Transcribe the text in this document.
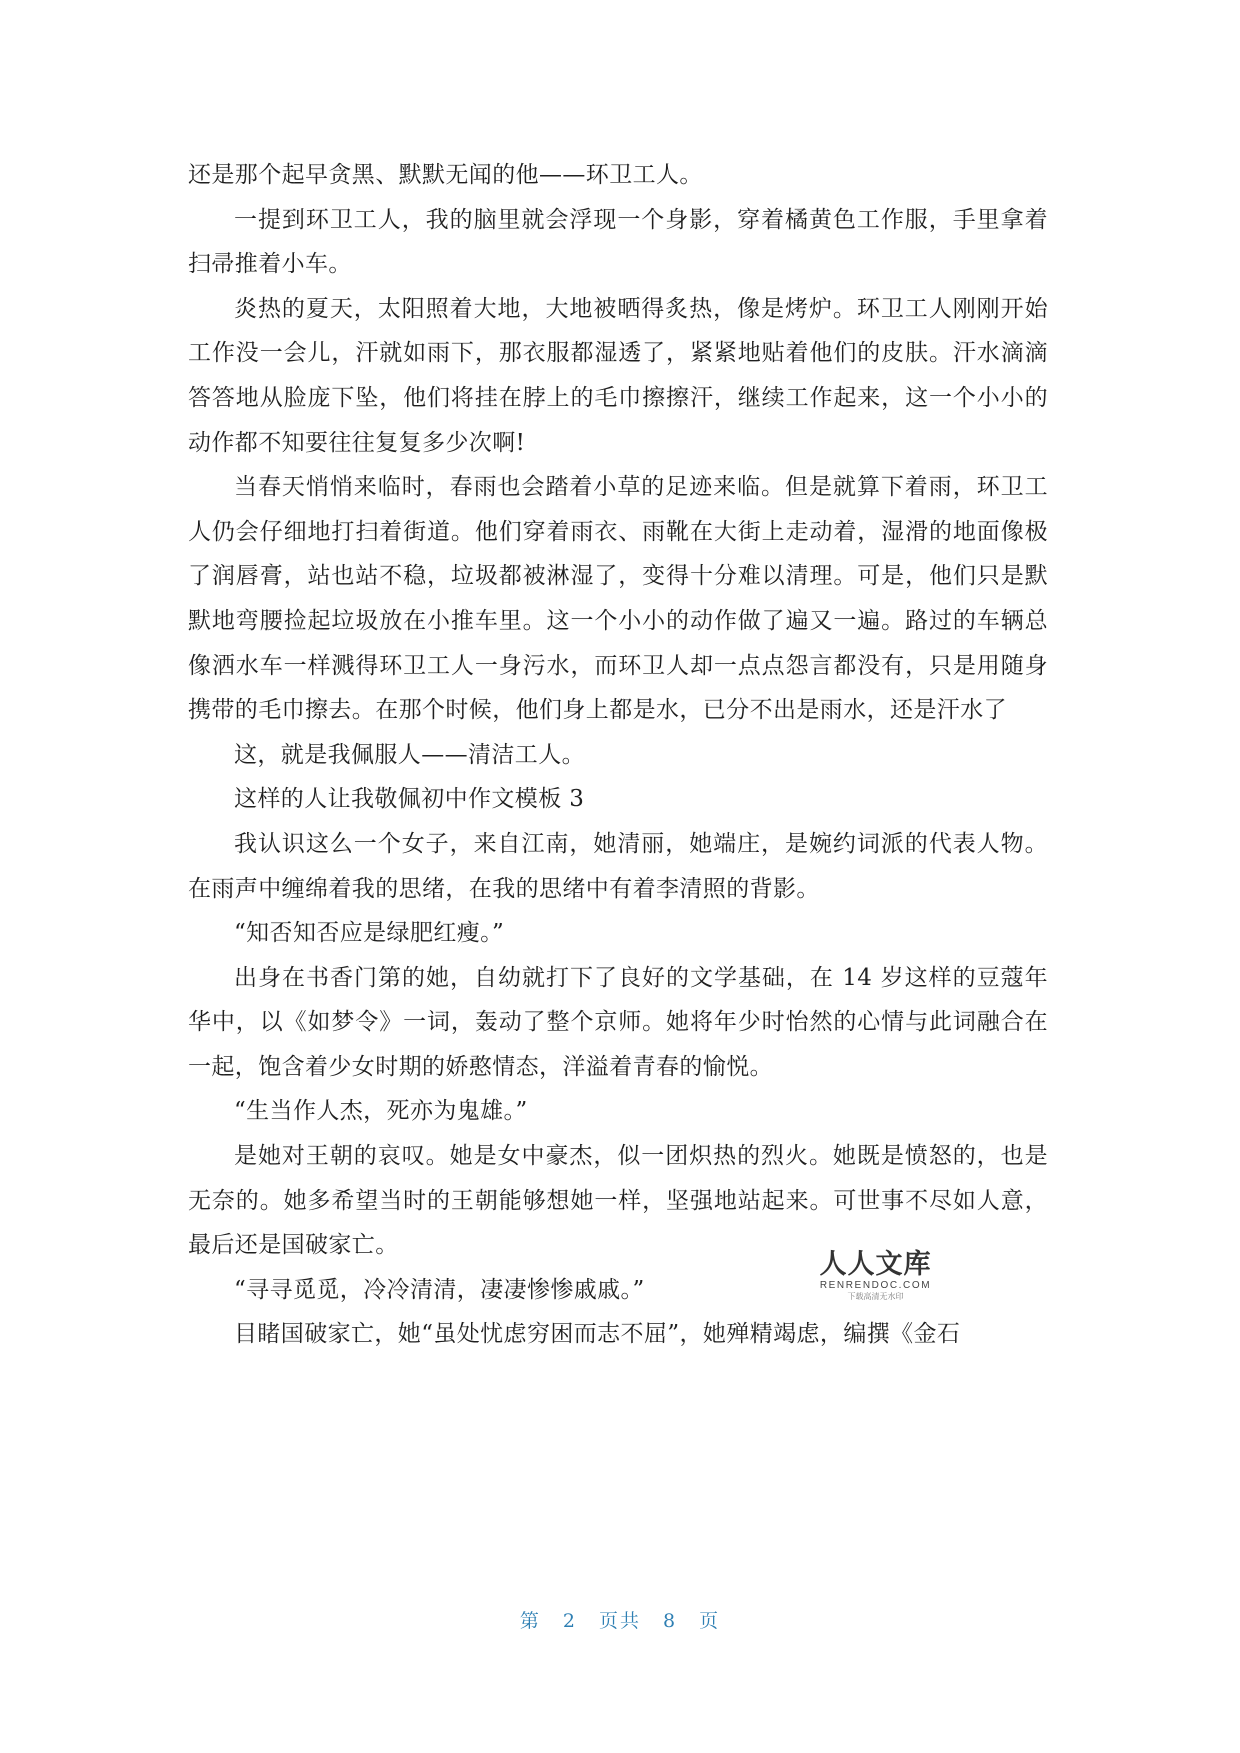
还是那个起早贪黑、默默无闻的他——环卫工人。

一提到环卫工人，我的脑里就会浮现一个身影，穿着橘黄色工作服，手里拿着扫帚推着小车。

炎热的夏天，太阳照着大地，大地被晒得炙热，像是烤炉。环卫工人刚刚开始工作没一会儿，汗就如雨下，那衣服都湿透了，紧紧地贴着他们的皮肤。汗水滴滴答答地从脸庞下坠，他们将挂在脖上的毛巾擦擦汗，继续工作起来，这一个小小的动作都不知要往往复复多少次啊!

当春天悄悄来临时，春雨也会踏着小草的足迹来临。但是就算下着雨，环卫工人仍会仔细地打扫着街道。他们穿着雨衣、雨靴在大街上走动着，湿滑的地面像极了润唇膏，站也站不稳，垃圾都被淋湿了，变得十分难以清理。可是，他们只是默默地弯腰捡起垃圾放在小推车里。这一个小小的动作做了遍又一遍。路过的车辆总像洒水车一样溅得环卫工人一身污水，而环卫人却一点点怨言都没有，只是用随身携带的毛巾擦去。在那个时候，他们身上都是水，已分不出是雨水，还是汗水了

这，就是我佩服人——清洁工人。

这样的人让我敬佩初中作文模板 3

我认识这么一个女子，来自江南，她清丽，她端庄，是婉约词派的代表人物。在雨声中缠绵着我的思绪，在我的思绪中有着李清照的背影。

“知否知否应是绿肥红瘦。”

出身在书香门第的她，自幼就打下了良好的文学基础，在 14 岁这样的豆蔻年华中，以《如梦令》一词，轰动了整个京师。她将年少时怡然的心情与此词融合在一起，饱含着少女时期的娇憨情态，洋溢着青春的愉悦。

“生当作人杰，死亦为鬼雄。”

是她对王朝的哀叹。她是女中豪杰，似一团炽热的烈火。她既是愤怒的，也是无奈的。她多希望当时的王朝能够想她一样，坚强地站起来。可世事不尽如人意，最后还是国破家亡。

“寻寻觅觅，冷冷清清，凄凄惨惨戚戚。”

目睹国破家亡，她“虽处忧虑穷困而志不屈”，她殚精竭虑，编撰《金石

人人文库
RENRENDOC.COM
下载高清无水印
第 2 页共 8 页
